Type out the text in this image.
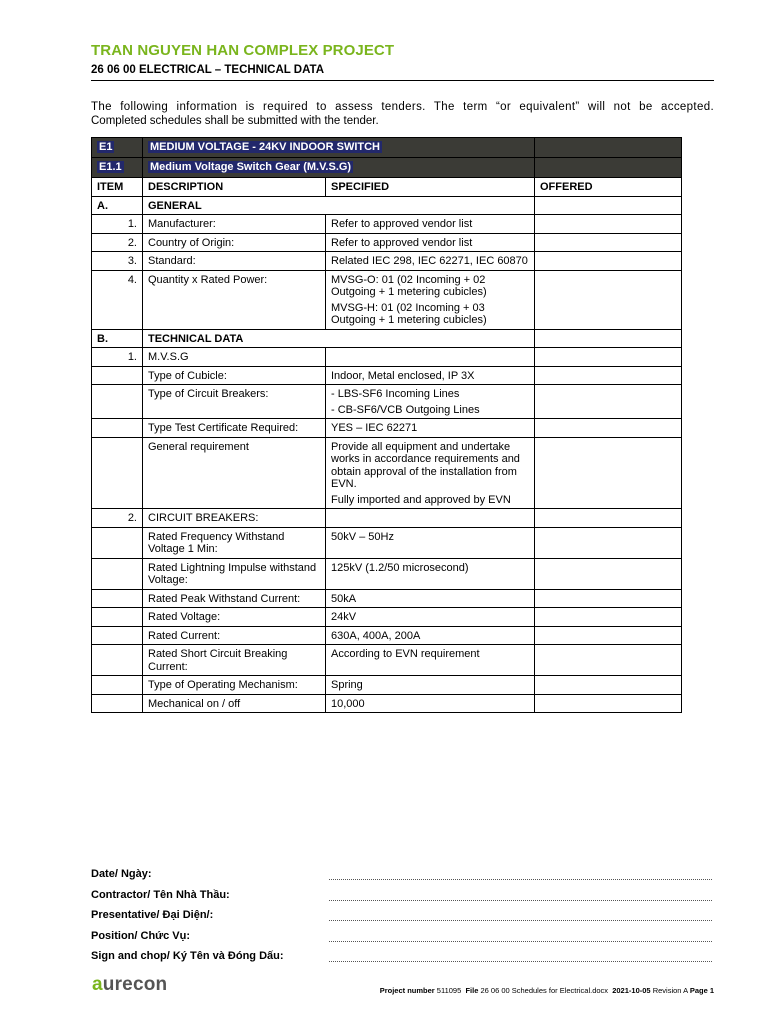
TRAN NGUYEN HAN COMPLEX PROJECT
26 06 00 ELECTRICAL – TECHNICAL DATA
The following information is required to assess tenders. The term “or equivalent” will not be accepted.
Completed schedules shall be submitted with the tender.
E1	MEDIUM VOLTAGE - 24KV INDOOR SWITCH		
E1.1	Medium Voltage Switch Gear (M.V.S.G)		
ITEM	DESCRIPTION	SPECIFIED	OFFERED
A.	GENERAL		
1.	Manufacturer:	Refer to approved vendor list	

2.	Country of Origin:	Refer to approved vendor list	

3.	Standard:	Related IEC 298, IEC 62271, IEC 60870	

4.	Quantity x Rated Power:	MVSG-O: 01 (02 Incoming + 02 Outgoing + 1 metering cubicles)
MVSG-H: 01 (02 Incoming + 03 Outgoing + 1 metering cubicles)	

B.	TECHNICAL DATA		
1.	M.V.S.G		
	Type of Cubicle:	Indoor, Metal enclosed, IP 3X	

	Type of Circuit Breakers:	- LBS-SF6 Incoming Lines
- CB-SF6/VCB Outgoing Lines	

	Type Test Certificate Required:	YES – IEC 62271	

	General requirement	Provide all equipment and undertake works in accordance requirements and obtain approval of the installation from EVN.
Fully imported and approved by EVN	

2.	CIRCUIT BREAKERS:		
	Rated Frequency Withstand Voltage 1 Min:	50kV – 50Hz	
	Rated Lightning Impulse withstand Voltage:	125kV (1.2/50 microsecond)	
	Rated Peak Withstand Current:	50kA	
	Rated Voltage:	24kV	
	Rated Current:	630A, 400A, 200A	
	Rated Short Circuit Breaking Current:	According to EVN requirement	
	Type of Operating Mechanism:	Spring	
	Mechanical on / off	10,000	
Date/ Ngày:
Contractor/ Tên Nhà Thầu:
Presentative/ Đại Diện/:
Position/ Chức Vụ:
Sign and chop/ Ký Tên và Đóng Dấu:
aurecon	Project number 511095 File 26 06 00 Schedules for Electrical.docx 2021-10-05 Revision A Page 1
